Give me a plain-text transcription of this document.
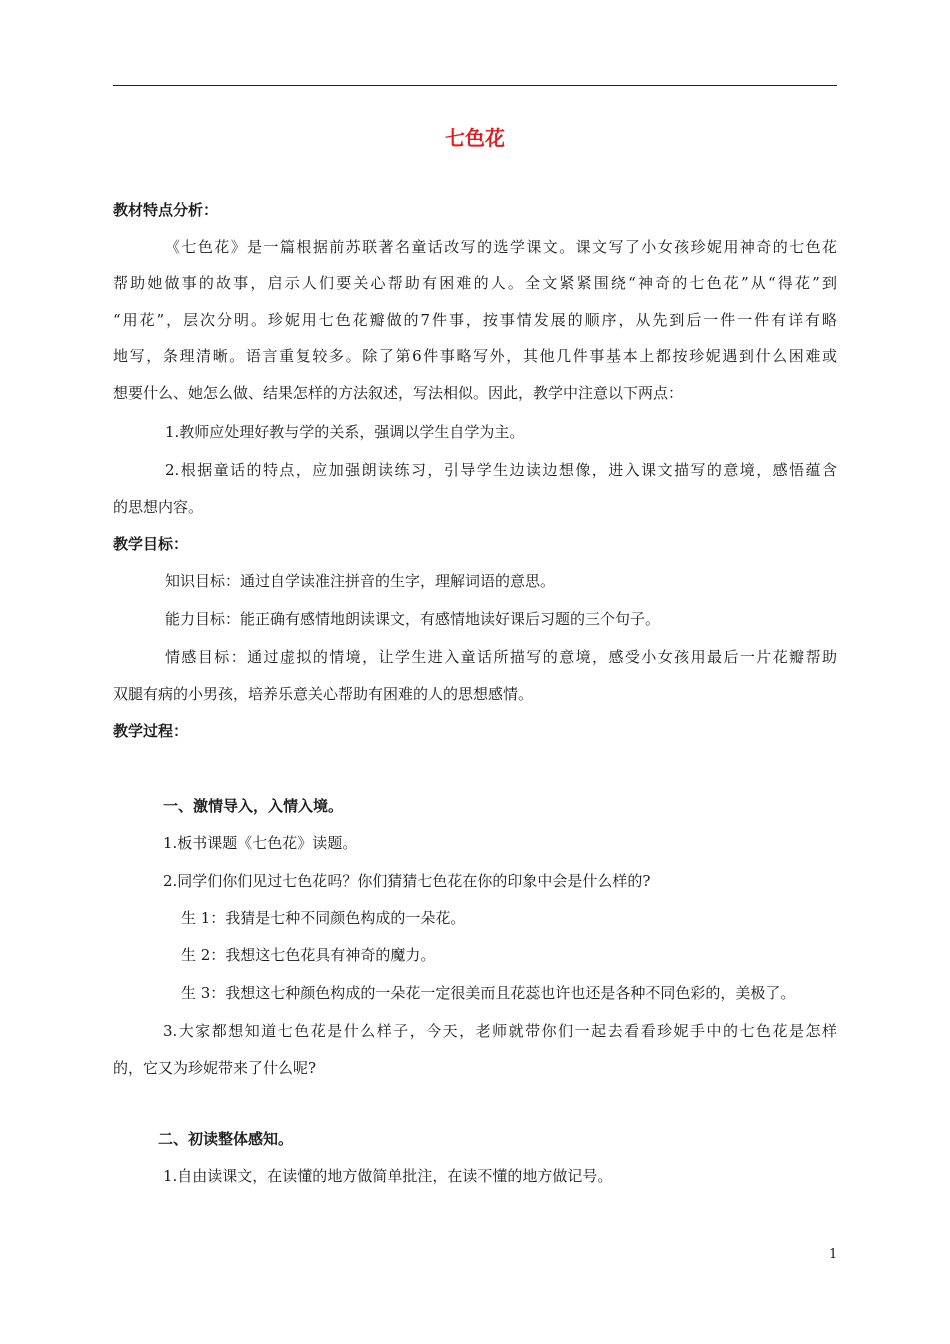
七色花
教材特点分析：
《七色花》是一篇根据前苏联著名童话改写的选学课文。课文写了小女孩珍妮用神奇的七色花
帮助她做事的故事，启示人们要关心帮助有困难的人。全文紧紧围绕“神奇的七色花”从“得花”到
“用花”，层次分明。珍妮用七色花瓣做的7件事，按事情发展的顺序，从先到后一件一件有详有略
地写，条理清晰。语言重复较多。除了第6件事略写外，其他几件事基本上都按珍妮遇到什么困难或
想要什么、她怎么做、结果怎样的方法叙述，写法相似。因此，教学中注意以下两点：
1.教师应处理好教与学的关系，强调以学生自学为主。
2.根据童话的特点，应加强朗读练习，引导学生边读边想像，进入课文描写的意境，感悟蕴含
的思想内容。
教学目标：
知识目标：通过自学读准注拼音的生字，理解词语的意思。
能力目标：能正确有感情地朗读课文，有感情地读好课后习题的三个句子。
情感目标：通过虚拟的情境，让学生进入童话所描写的意境，感受小女孩用最后一片花瓣帮助
双腿有病的小男孩，培养乐意关心帮助有困难的人的思想感情。
教学过程：
一、激情导入，入情入境。
1.板书课题《七色花》读题。
2.同学们你们见过七色花吗？你们猜猜七色花在你的印象中会是什么样的?
生 1：我猜是七种不同颜色构成的一朵花。
生 2：我想这七色花具有神奇的魔力。
生 3：我想这七种颜色构成的一朵花一定很美而且花蕊也许也还是各种不同色彩的，美极了。
3.大家都想知道七色花是什么样子，今天，老师就带你们一起去看看珍妮手中的七色花是怎样
的，它又为珍妮带来了什么呢?
二、初读整体感知。
1.自由读课文，在读懂的地方做简单批注，在读不懂的地方做记号。
1
